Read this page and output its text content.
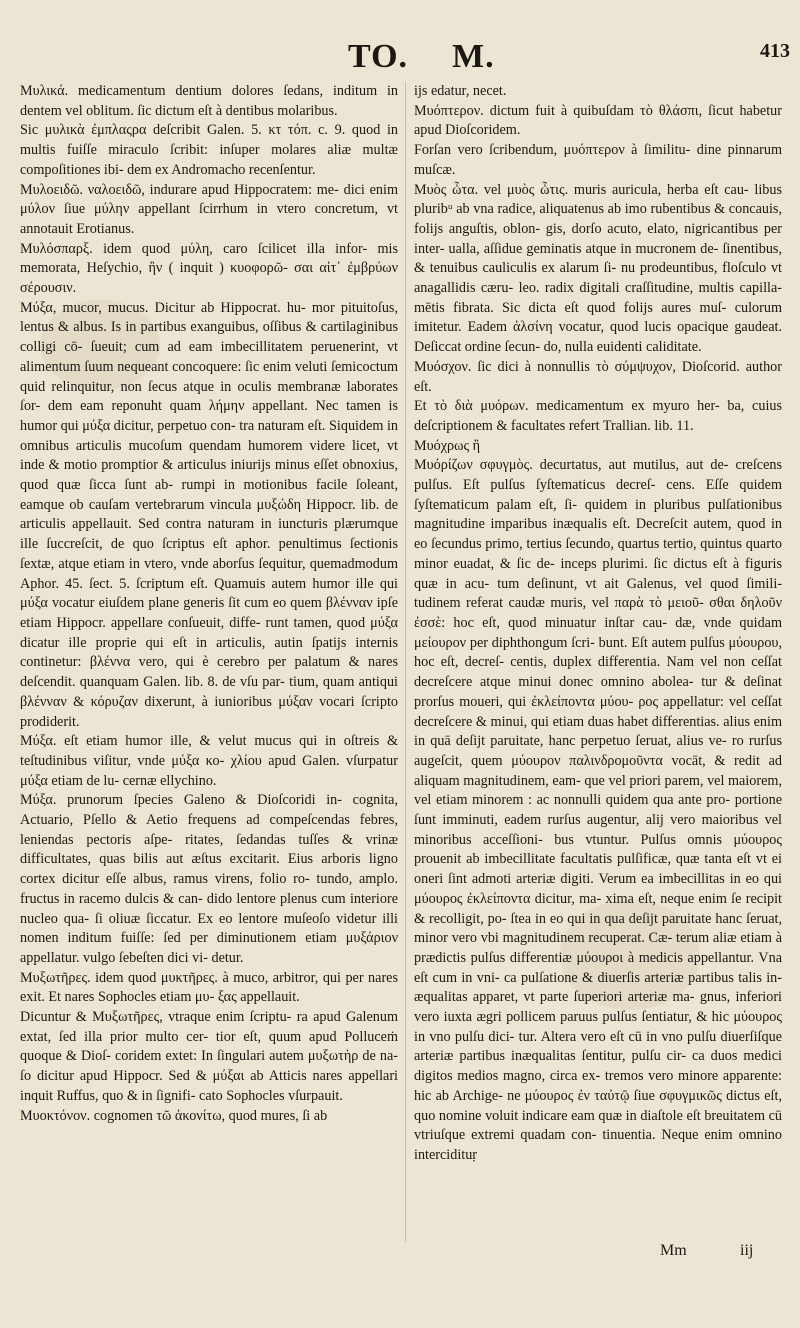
TO. M.	413

Μυλικά. medicamentum dentium dolores ſedans, inditum in dentem vel oblitum. ſic dictum eſt à dentibus molaribus.

Sic μυλικὰ ἐμπλαςρα deſcribit Galen. 5. κτ τόπ. c. 9. quod in multis fuiſſe miraculo ſcribit: inſuper molares aliæ multæ compoſitiones ibi- dem ex Andromacho recenſentur.

Μυλοειδῶ. ναλοειδῶ, indurare apud Hippocratem: me- dici enim μύλον ſiue μύλην appellant ſcirrhum in vtero concretum, vt annotauit Erotianus.

Μυλόσπαρξ. idem quod μύλη, caro ſcilicet illa infor- mis memorata, Heſychio, ἢν ( inquit ) κυοφορῶ- σαι αἱτ᾽ ἐμβρύων σέρουσιν.

Μύξα, mucor, mucus. Dicitur ab Hippocrat. hu- mor pituitoſus, lentus & albus. Is in partibus exanguibus, oſſibus & cartilaginibus colligi cō- ſueuit; cum ad eam imbecillitatem peruenerint, vt alimentum ſuum nequeant concoquere: ſic enim veluti ſemicoctum quid relinquitur, non ſecus atque in oculis membranæ laborates ſor- dem eam reponuht quam λήμην appellant. Nec tamen is humor qui μύξα dicitur, perpetuo con- tra naturam eſt. Siquidem in omnibus articulis mucoſum quendam humorem videre licet, vt inde & motio promptior & articulus iniurijs minus eſſet obnoxius, quod quæ ſicca ſunt ab- rumpi in motionibus facile ſoleant, eamque ob cauſam vertebrarum vincula μυξώδη Hippocr. lib. de articulis appellauit. Sed contra naturam in iuncturis plærumque ille ſuccreſcit, de quo ſcriptus eſt aphor. penultimus ſectionis ſextæ, atque etiam in vtero, vnde aborſus ſequitur, quemadmodum Aphor. 45. ſect. 5. ſcriptum eſt. Quamuis autem humor ille qui μύξα vocatur eiuſdem plane generis ſit cum eo quem βλένναν ipſe etiam Hippocr. appellare conſueuit, diffe- runt tamen, quod μύξα dicatur ille proprie qui eſt in articulis, autin ſpatijs internis continetur: βλέννα vero, qui è cerebro per palatum & nares deſcendit. quanquam Galen. lib. 8. de vſu par- tium, quam antiqui βλένναν & κόρυζαν dixerunt, à iunioribus μύξαν vocari ſcripto prodiderit.

Μύξα. eſt etiam humor ille, & velut mucus qui in oſtreis & teſtudinibus viſitur, vnde μύξα κο- χλίου apud Galen. vſurpatur μύξα etiam de lu- cernæ ellychino.

Μύξα. prunorum ſpecies Galeno & Dioſcoridi in- cognita, Actuario, Pſello & Aetio frequens ad compeſcendas febres, leniendas pectoris aſpe- ritates, ſedandas tuſſes & vrinæ difficultates, quas bilis aut æſtus excitarit. Eius arboris ligno cortex dicitur eſſe albus, ramus virens, folio ro- tundo, amplo. fructus in racemo dulcis & can- dido lentore plenus cum interiore nucleo qua- ſi oliuæ ſiccatur. Ex eo lentore muſeoſo videtur illi nomen inditum fuiſſe: ſed per diminutionem etiam μυξάριον appellatur. vulgo ſebeſten dici vi- detur.

Μυξωτῆρες. idem quod μυκτῆρες. à muco, arbitror, qui per nares exit. Et nares Sophocles etiam μυ- ξας appellauit.

Dicuntur & Μυξωτῆρες, vtraque enim ſcriptu- ra apud Galenum extat, ſed illa prior multo cer- tior eſt, quum apud Polluceṁ quoque & Dioſ- coridem extet: In ſingulari autem μυξωτὴρ de na- ſo dicitur apud Hippocr. Sed & μύξαι ab Atticis nares appellari inquit Ruffus, quo & in ſignifi- cato Sophocles vſurpauit.

Μυοκτόνον. cognomen τῶ ἀκονίτω, quod mures, ſi ab

ijs edatur, necet.

Μυόπτερον. dictum fuit à quibuſdam τὸ θλάσπι, ſicut habetur apud Dioſcoridem.

Forſan vero ſcribendum, μυόπτερον à ſimilitu- dine pinnarum muſcæ.

Μυὸς ὦτα. vel μυὸς ὦτις. muris auricula, herba eſt cau- libus pluribᵘ ab vna radice, aliquatenus ab imo rubentibus & concauis, folijs anguſtis, oblon- gis, dorſo acuto, elato, nigricantibus per inter- ualla, aſſidue geminatis atque in mucronem de- ſinentibus, & tenuibus cauliculis ex alarum ſi- nu prodeuntibus, floſculo vt anagallidis cæru- leo. radix digitali craſſitudine, multis capilla- mētis fibrata. Sic dicta eſt quod folijs aures muſ- culorum imitetur. Eadem ἀλσίνη vocatur, quod lucis opacique gaudeat. Deſiccat ordine ſecun- do, nulla euidenti caliditate.

Μυόσχον. ſic dici à nonnullis τὸ σύμψυχον, Dioſcorid. author eſt.

Et τὸ διὰ μυόρων. medicamentum ex myuro her- ba, cuius deſcriptionem & facultates refert Trallian. lib. 11.

Μυόχρως ἢ

Μυόρίζων σφυγμὸς. decurtatus, aut mutilus, aut de- creſcens pulſus. Eſt pulſus ſyſtematicus decreſ- cens. Eſſe quidem ſyſtematicum palam eſt, ſi- quidem in pluribus pulſationibus magnitudine imparibus inæqualis eſt. Decreſcit autem, quod in eo ſecundus primo, tertius ſecundo, quartus tertio, quintus quarto minor euadat, & ſic de- inceps plurimi. ſic dictus eſt à figuris quæ in acu- tum deſinunt, vt ait Galenus, vel quod ſimili- tudinem referat caudæ muris, vel παρὰ τὸ μειοῦ- σθαι δηλοῦν ἐσσὲ: hoc eſt, quod minuatur inſtar cau- dæ, vnde quidam μείουρον per diphthongum ſcri- bunt. Eſt autem pulſus μύουρου, hoc eſt, decreſ- centis, duplex differentia. Nam vel non ceſſat decreſcere atque minui donec omnino abolea- tur & deſinat prorſus moueri, qui ἐκλείποντα μύου- ρος appellatur: vel ceſſat decreſcere & minui, qui etiam duas habet differentias. alius enim in quā deſijt paruitate, hanc perpetuo ſeruat, alius ve- ro rurſus augeſcit, quem μύουρον παλινδρομοῦντα vocāt, & redit ad aliquam magnitudinem, eam- que vel priori parem, vel maiorem, vel etiam minorem : ac nonnulli quidem qua ante pro- portione ſunt imminuti, eadem rurſus augentur, alij vero maioribus vel minoribus acceſſioni- bus vtuntur. Pulſus omnis μύουρος prouenit ab imbecillitate facultatis pulſificæ, quæ tanta eſt vt ei oneri ſint admoti arteriæ digiti. Verum ea imbecillitas in eo qui μύουρος ἐκλείποντα dicitur, ma- xima eſt, neque enim ſe recipit & recolligit, po- ſtea in eo qui in qua deſijt paruitate hanc ſeruat, minor vero vbi magnitudinem recuperat. Cæ- terum aliæ etiam à prædictis pulſus differentiæ μύουροι à medicis appellantur. Vna eſt cum in vni- ca pulſatione & diuerſis arteriæ partibus talis in- æqualitas apparet, vt parte ſuperiori arteriæ ma- gnus, inferiori vero iuxta ægri pollicem paruus pulſus ſentiatur, & hic μύουρος in vno pulſu dici- tur. Altera vero eſt cū in vno pulſu diuerſiſque arteriæ partibus inæqualitas ſentitur, pulſu cir- ca duos medici digitos medios magno, circa ex- tremos vero minore apparente: hic ab Archige- ne μύουρος ἐν ταὐτῷ ſiue σφυγμικῶς dictus eſt, quo nomine voluit indicare eam quæ in diaſtole eſt breuitatem cū vtriuſque extremi quadam con- tinuentia. Neque enim omnino intercidituṛ

Mm	iij
